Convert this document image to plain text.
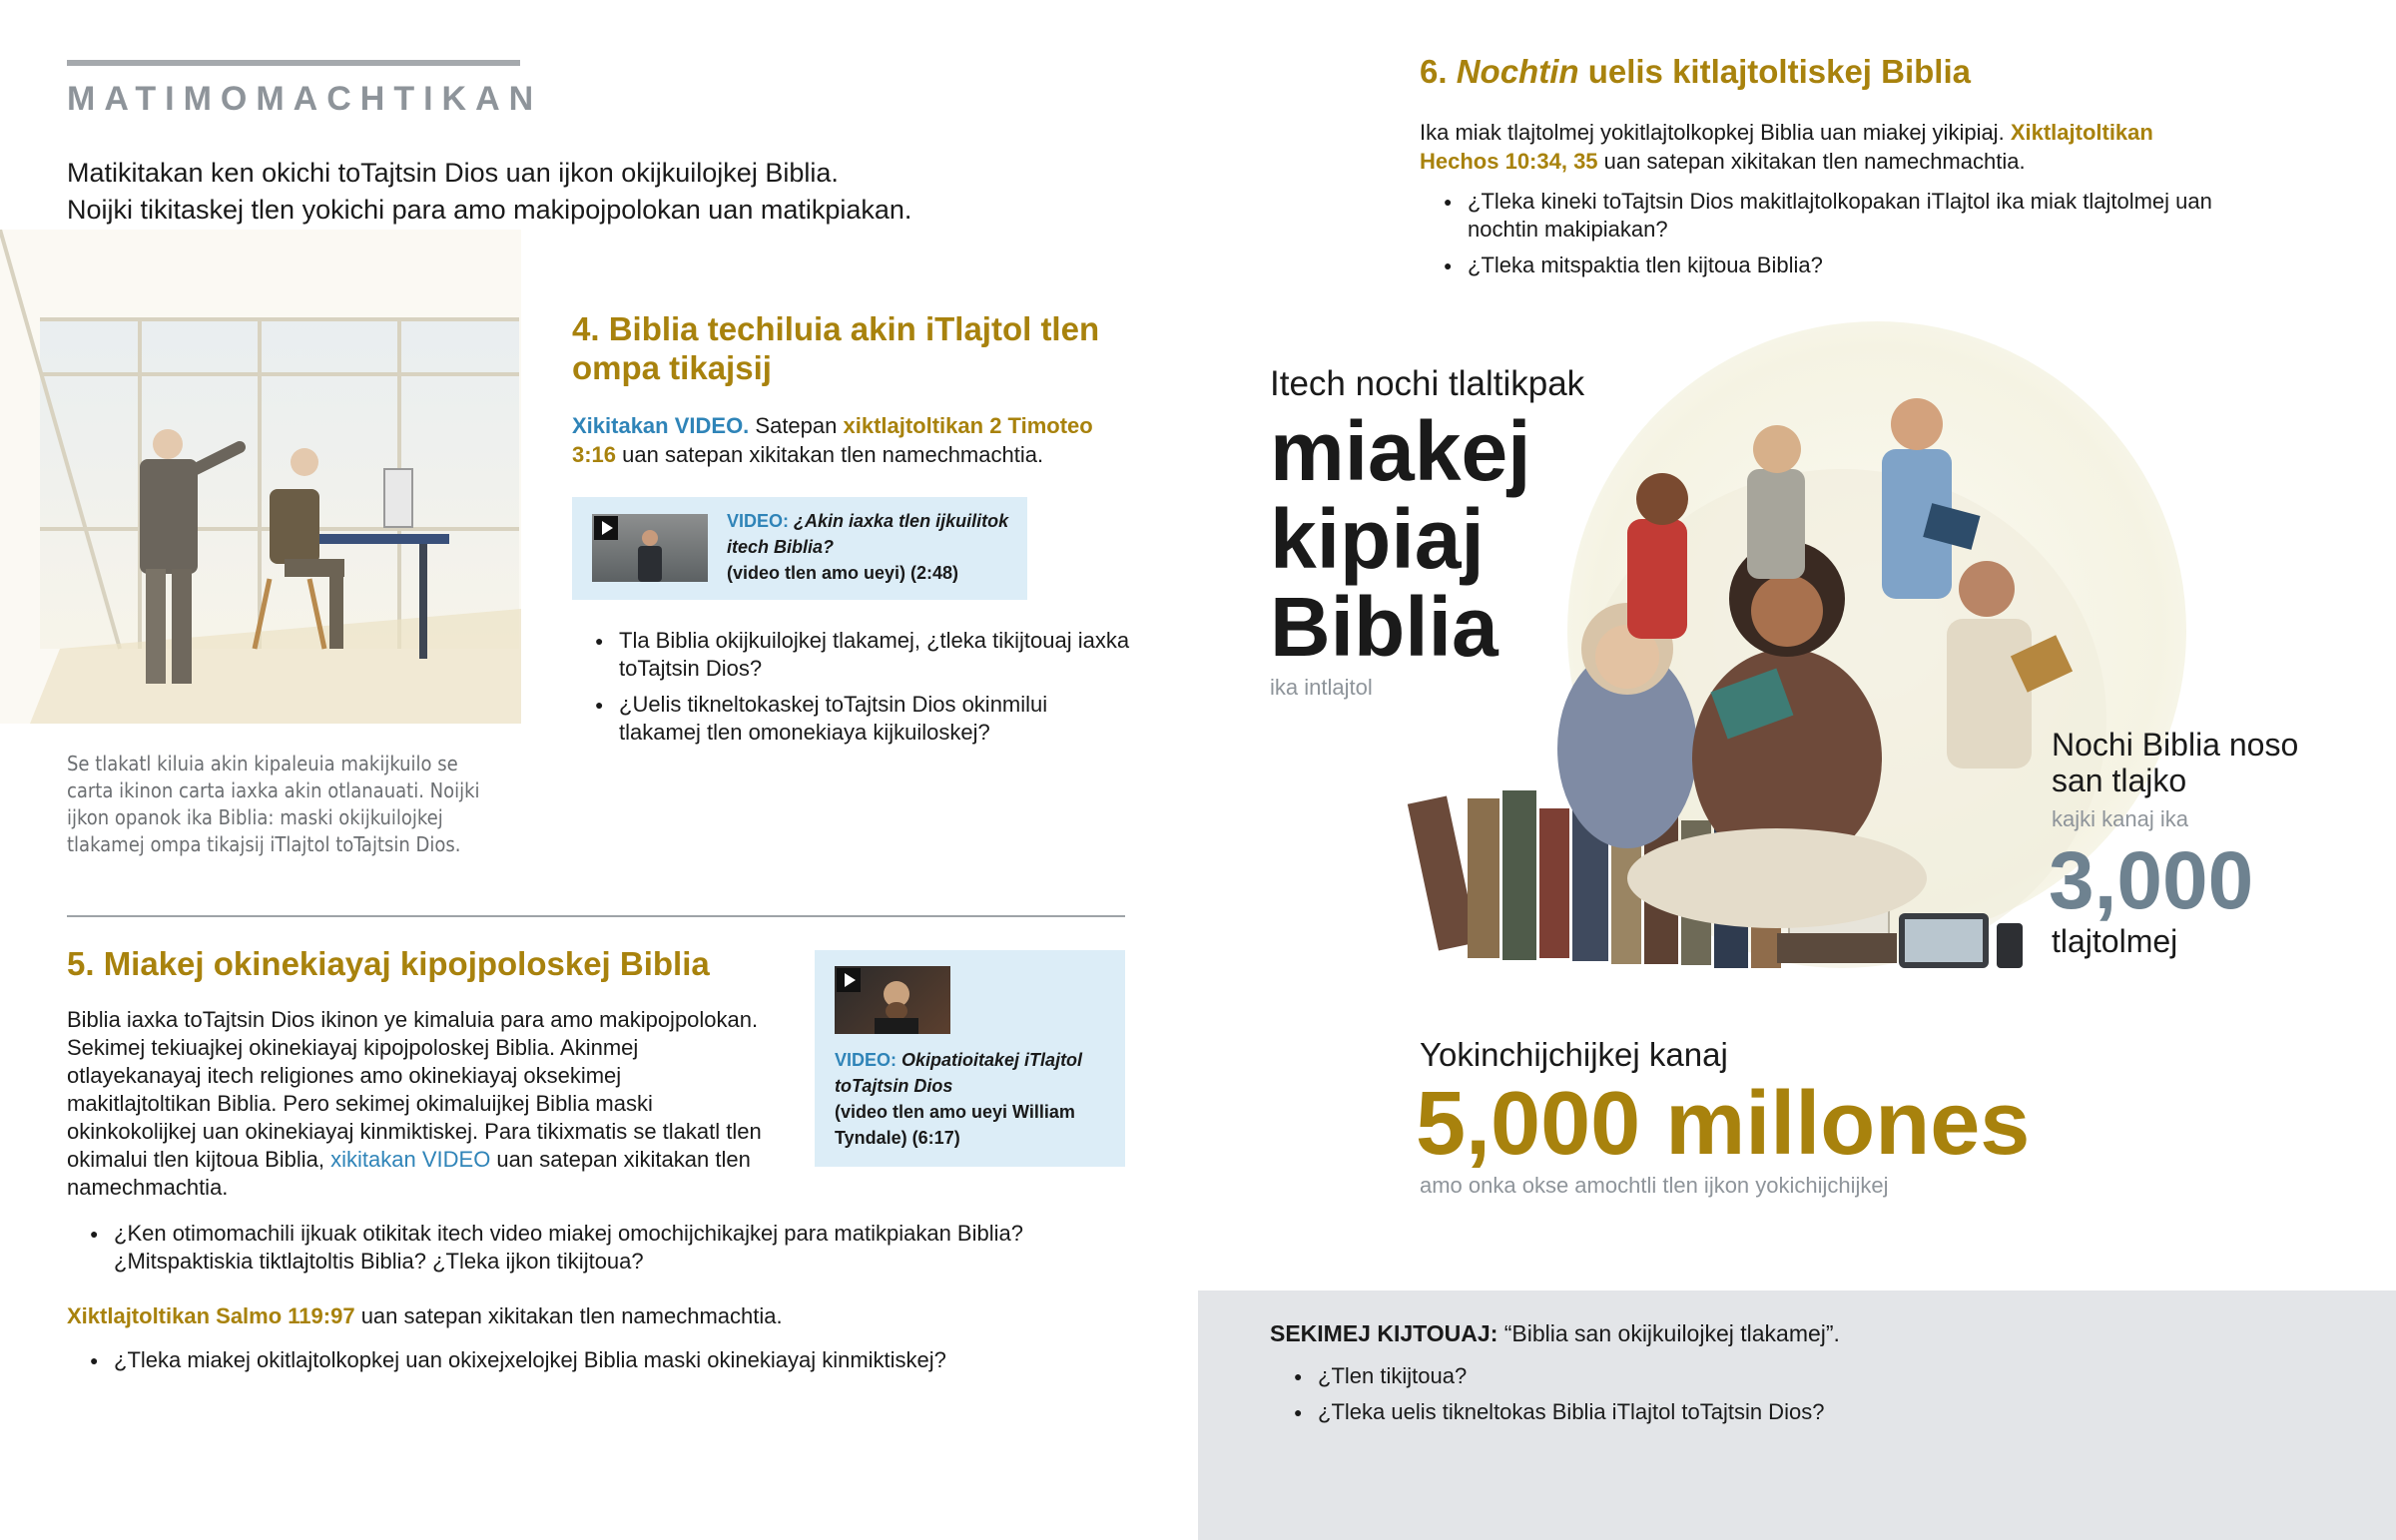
MATIMOMACHTIKAN
Matikitakan ken okichi toTajtsin Dios uan ijkon okijkuilojkej Biblia.
Noijki tikitaskej tlen yokichi para amo makipojpolokan uan matikpiakan.
Se tlakatl kiluia akin kipaleuia makijkuilo se carta ikinon carta iaxka akin otlanauati. Noijki ijkon opanok ika Biblia: maski okijkuilojkej tlakamej ompa tikajsij iTlajtol toTajtsin Dios.
4. Biblia techiluia akin iTlajtol tlen ompa tikajsij
Xikitakan VIDEO. Satepan xiktlajtoltikan 2 Timoteo 3:16 uan satepan xikitakan tlen namechmachtia.
VIDEO: ¿Akin iaxka tlen ijkuilitok itech Biblia?
(video tlen amo ueyi) (2:48)
● Tla Biblia okijkuilojkej tlakamej, ¿tleka tikijtouaj iaxka toTajtsin Dios?
● ¿Uelis tikneltokaskej toTajtsin Dios okinmilui tlakamej tlen omonekiaya kijkuiloskej?
5. Miakej okinekiayaj kipojpoloskej Biblia
Biblia iaxka toTajtsin Dios ikinon ye kimaluia para amo makipojpolokan. Sekimej tekiuajkej okinekiayaj kipojpoloskej Biblia. Akinmej otlayekanayaj itech religiones amo okinekiayaj oksekimej makitlajtoltikan Biblia. Pero sekimej okimaluijkej Biblia maski okinkokolijkej uan okinekiayaj kinmiktiskej. Para tikixmatis se tlakatl tlen okimalui tlen kijtoua Biblia, xikitakan VIDEO uan satepan xikitakan tlen namechmachtia.
VIDEO: Okipatioitakej iTlajtol toTajtsin Dios
(video tlen amo ueyi William Tyndale) (6:17)
● ¿Ken otimomachili ijkuak otikitak itech video miakej omochijchikajkej para matikpiakan Biblia? ¿Mitspaktiskia tiktlajtoltis Biblia? ¿Tleka ijkon tikijtoua?
Xiktlajtoltikan Salmo 119:97 uan satepan xikitakan tlen namechmachtia.
● ¿Tleka miakej okitlajtolkopkej uan okixejxelojkej Biblia maski okinekiayaj kinmiktiskej?
6. Nochtin uelis kitlajtoltiskej Biblia
Ika miak tlajtolmej yokitlajtolkopkej Biblia uan miakej yikipiaj. Xiktlajtoltikan Hechos 10:34, 35 uan satepan xikitakan tlen namechmachtia.
● ¿Tleka kineki toTajtsin Dios makitlajtolkopakan iTlajtol ika miak tlajtolmej uan nochtin makipiakan?
● ¿Tleka mitspaktia tlen kijtoua Biblia?
Itech nochi tlaltikpak
miakej kipiaj Biblia
ika intlajtol
Nochi Biblia noso san tlajko
kajki kanaj ika
3,000
tlajtolmej
Yokinchijchijkej kanaj
5,000 millones
amo onka okse amochtli tlen ijkon yokichijchijkej
SEKIMEJ KIJTOUAJ: “Biblia san okijkuilojkej tlakamej”.
● ¿Tlen tikijtoua?
● ¿Tleka uelis tikneltokas Biblia iTlajtol toTajtsin Dios?
